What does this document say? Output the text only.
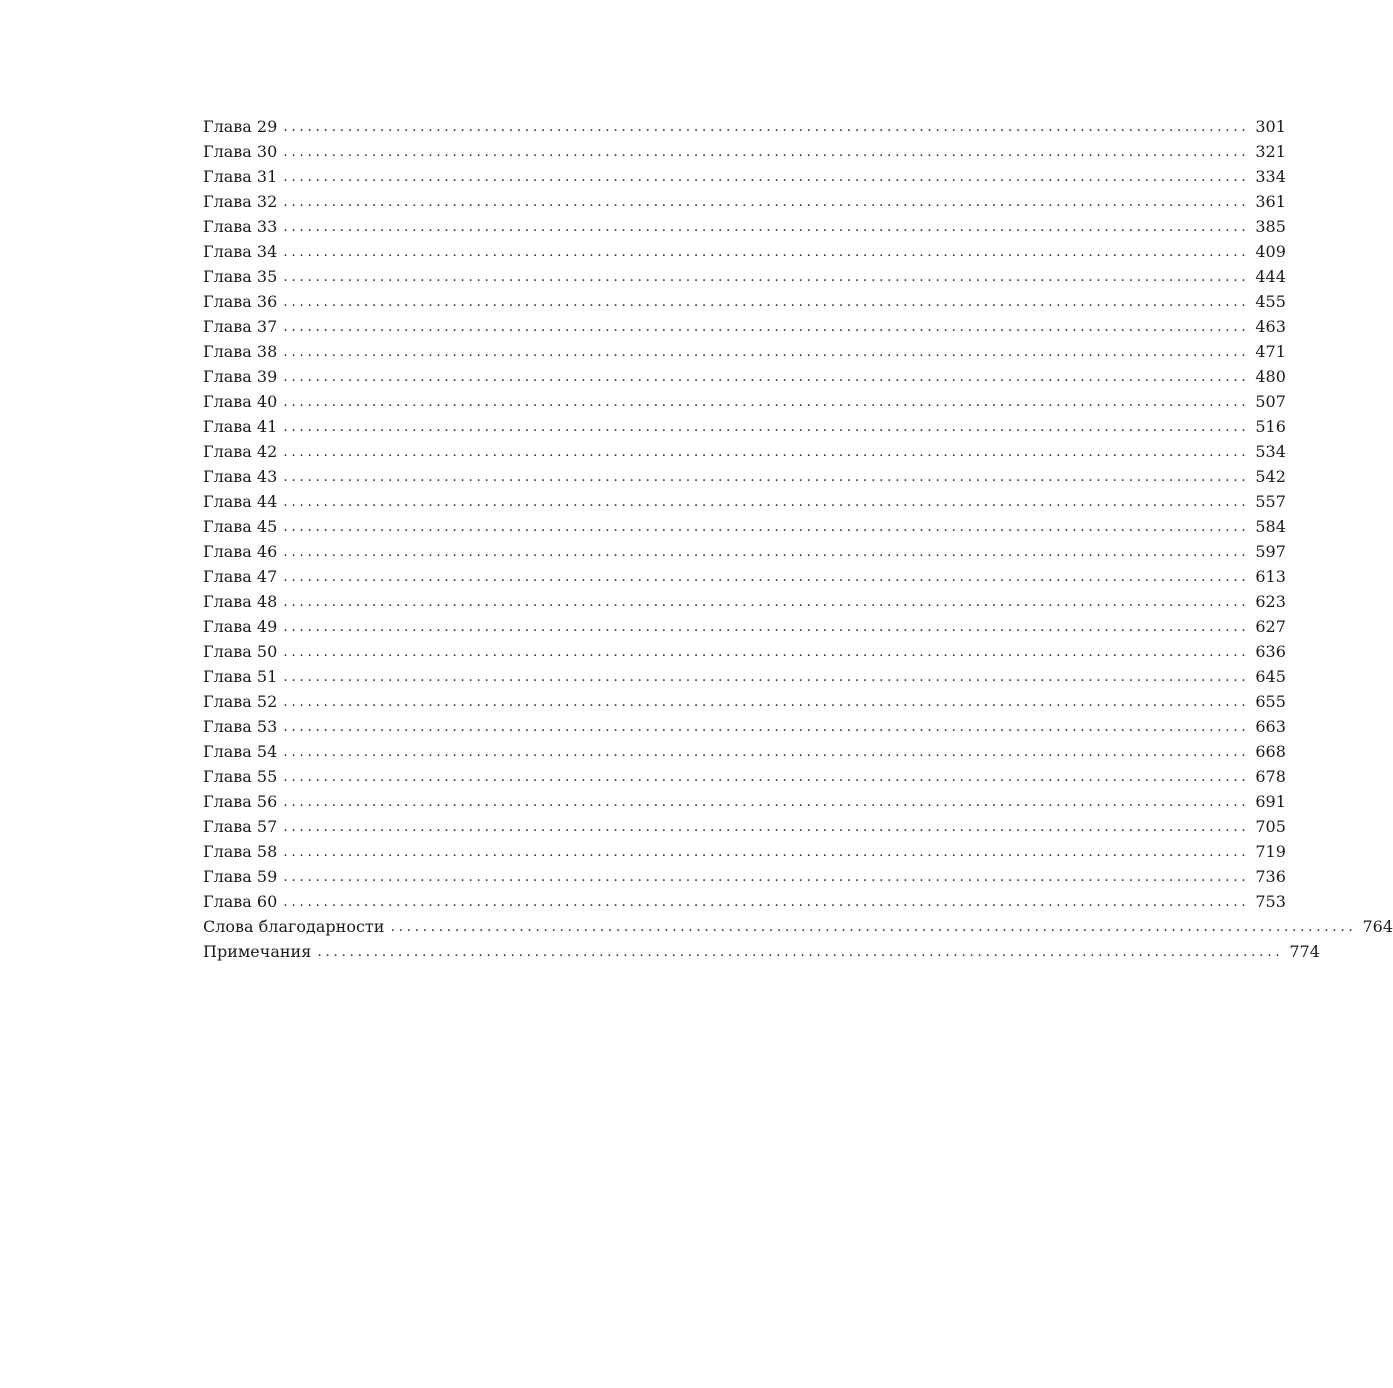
Глава 29 ........................................................................................................................ 301
Глава 30 ........................................................................................................................ 321
Глава 31 ........................................................................................................................ 334
Глава 32 ........................................................................................................................ 361
Глава 33 ........................................................................................................................ 385
Глава 34 ........................................................................................................................ 409
Глава 35 ........................................................................................................................ 444
Глава 36 ........................................................................................................................ 455
Глава 37 ........................................................................................................................ 463
Глава 38 ........................................................................................................................ 471
Глава 39 ........................................................................................................................ 480
Глава 40 ........................................................................................................................ 507
Глава 41 ........................................................................................................................ 516
Глава 42 ........................................................................................................................ 534
Глава 43 ........................................................................................................................ 542
Глава 44 ........................................................................................................................ 557
Глава 45 ........................................................................................................................ 584
Глава 46 ........................................................................................................................ 597
Глава 47 ........................................................................................................................ 613
Глава 48 ........................................................................................................................ 623
Глава 49 ........................................................................................................................ 627
Глава 50 ........................................................................................................................ 636
Глава 51 ........................................................................................................................ 645
Глава 52 ........................................................................................................................ 655
Глава 53 ........................................................................................................................ 663
Глава 54 ........................................................................................................................ 668
Глава 55 ........................................................................................................................ 678
Глава 56 ........................................................................................................................ 691
Глава 57 ........................................................................................................................ 705
Глава 58 ........................................................................................................................ 719
Глава 59 ........................................................................................................................ 736
Глава 60 ........................................................................................................................ 753
Слова благодарности ........................................................................................................................ 764
Примечания ........................................................................................................................ 774
